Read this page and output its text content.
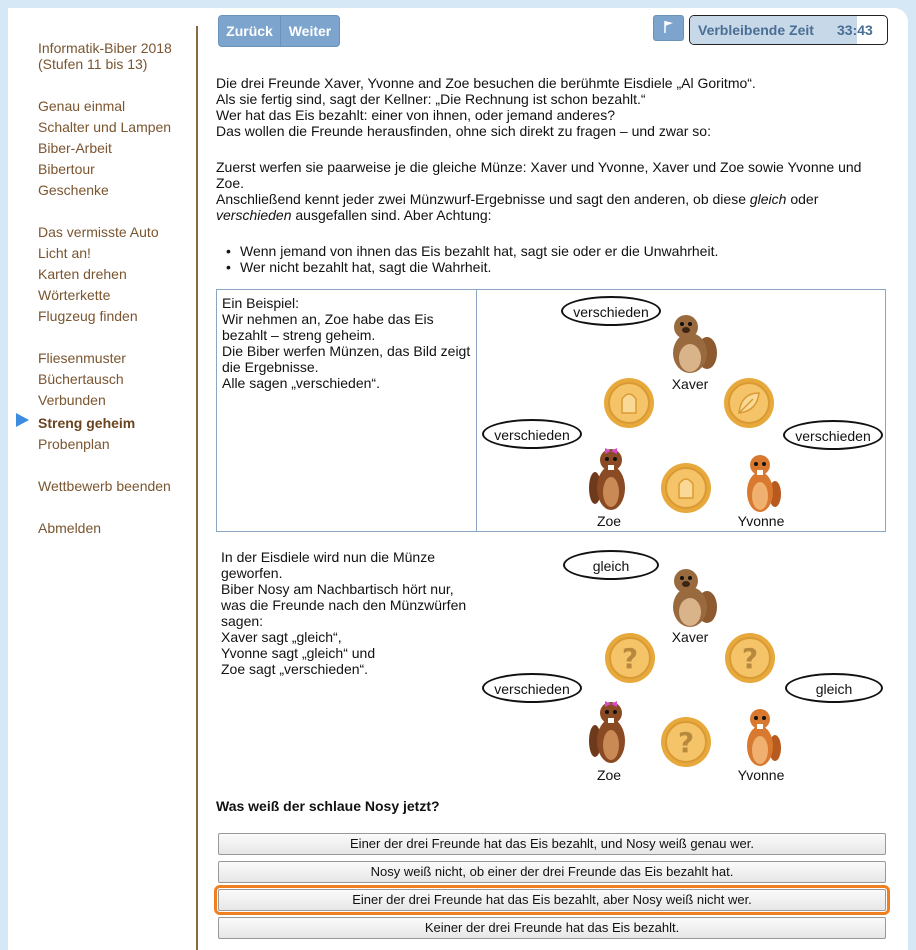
Informatik-Biber 2018
(Stufen 11 bis 13)
Genau einmal
Schalter und Lampen
Biber-Arbeit
Bibertour
Geschenke
Das vermisste Auto
Licht an!
Karten drehen
Wörterkette
Flugzeug finden
Fliesenmuster
Büchertausch
Verbunden
Streng geheim
Probenplan
Wettbewerb beenden
Abmelden
Zurück	Weiter	Verbleibende Zeit 33:43
Die drei Freunde Xaver, Yvonne and Zoe besuchen die berühmte Eisdiele „Al Goritmo“.
Als sie fertig sind, sagt der Kellner: „Die Rechnung ist schon bezahlt.“
Wer hat das Eis bezahlt: einer von ihnen, oder jemand anderes?
Das wollen die Freunde herausfinden, ohne sich direkt zu fragen – und zwar so:
Zuerst werfen sie paarweise je die gleiche Münze: Xaver und Yvonne, Xaver und Zoe sowie Yvonne und
Zoe.
Anschließend kennt jeder zwei Münzwurf-Ergebnisse und sagt den anderen, ob diese gleich oder
verschieden ausgefallen sind. Aber Achtung:
• Wenn jemand von ihnen das Eis bezahlt hat, sagt sie oder er die Unwahrheit.
• Wer nicht bezahlt hat, sagt die Wahrheit.
Ein Beispiel:
Wir nehmen an, Zoe habe das Eis
bezahlt – streng geheim.
Die Biber werfen Münzen, das Bild zeigt
die Ergebnisse.
Alle sagen „verschieden“.
verschieden
verschieden	verschieden
Xaver
Zoe	Yvonne
In der Eisdiele wird nun die Münze
geworfen.
Biber Nosy am Nachbartisch hört nur,
was die Freunde nach den Münzwürfen
sagen:
Xaver sagt „gleich“,
Yvonne sagt „gleich“ und
Zoe sagt „verschieden“.
gleich
verschieden	gleich
Xaver
Zoe	Yvonne
?	?
?
Was weiß der schlaue Nosy jetzt?
Einer der drei Freunde hat das Eis bezahlt, und Nosy weiß genau wer.
Nosy weiß nicht, ob einer der drei Freunde das Eis bezahlt hat.
Einer der drei Freunde hat das Eis bezahlt, aber Nosy weiß nicht wer.
Keiner der drei Freunde hat das Eis bezahlt.
